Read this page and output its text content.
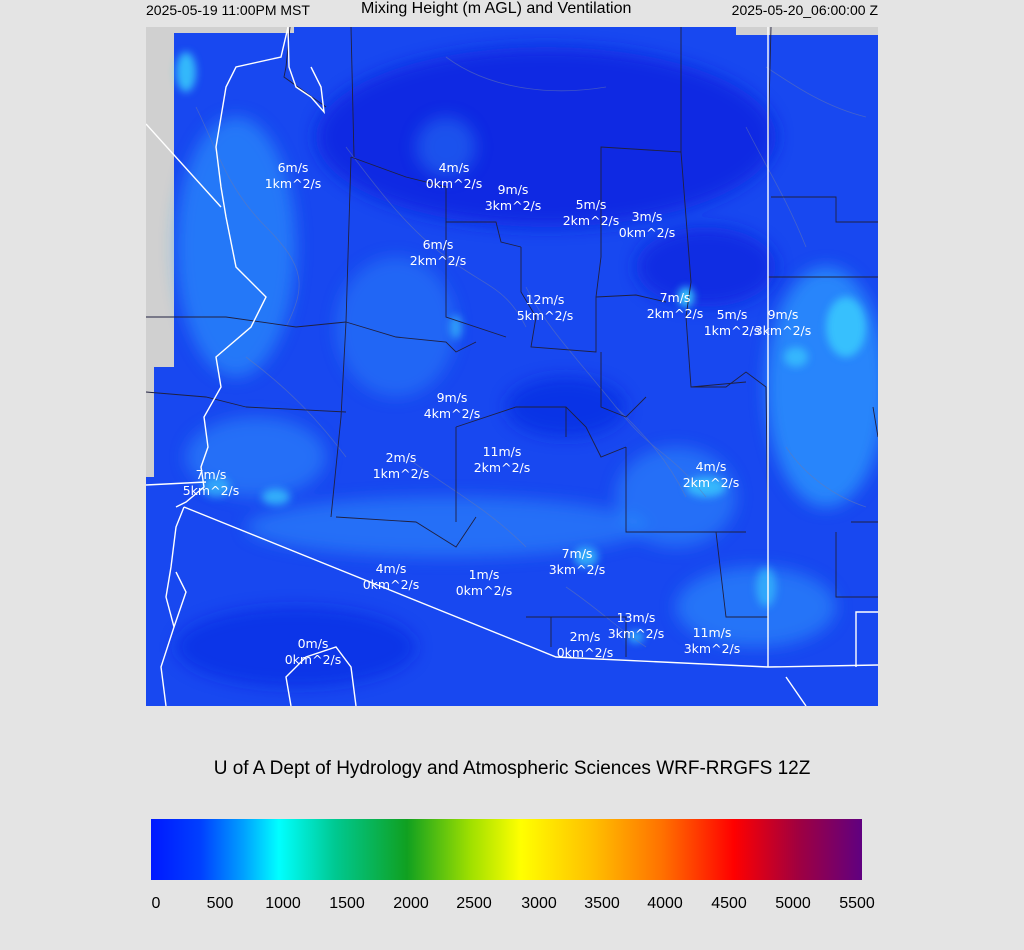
2025-05-19 11:00PM MST	Mixing Height (m AGL) and Ventilation	2025-05-20_06:00:00 Z
6m/s
1km^2/s
4m/s
0km^2/s	9m/s
3km^2/s	5m/s
2km^2/s 3m/s
0km^2/s
6m/s
2km^2/s
12m/s
5km^2/s
7m/s
2km^2/s	5m/s
1km^2/s
9m/s
3km^2/s
9m/s
4km^2/s
2m/s
1km^2/s
11m/s
2km^2/s	4m/s
2km^2/s
7m/s
5km^2/s
7m/s
3km^2/s
4m/s
0km^2/s
1m/s
0km^2/s
13m/s
3km^2/s
2m/s
0km^2/s
11m/s
3km^2/s
0m/s
0km^2/s
U of A Dept of Hydrology and Atmospheric Sciences WRF-RRGFS 12Z
0	500 1000 1500 2000 2500 3000 3500 4000 4500 5000 5500
